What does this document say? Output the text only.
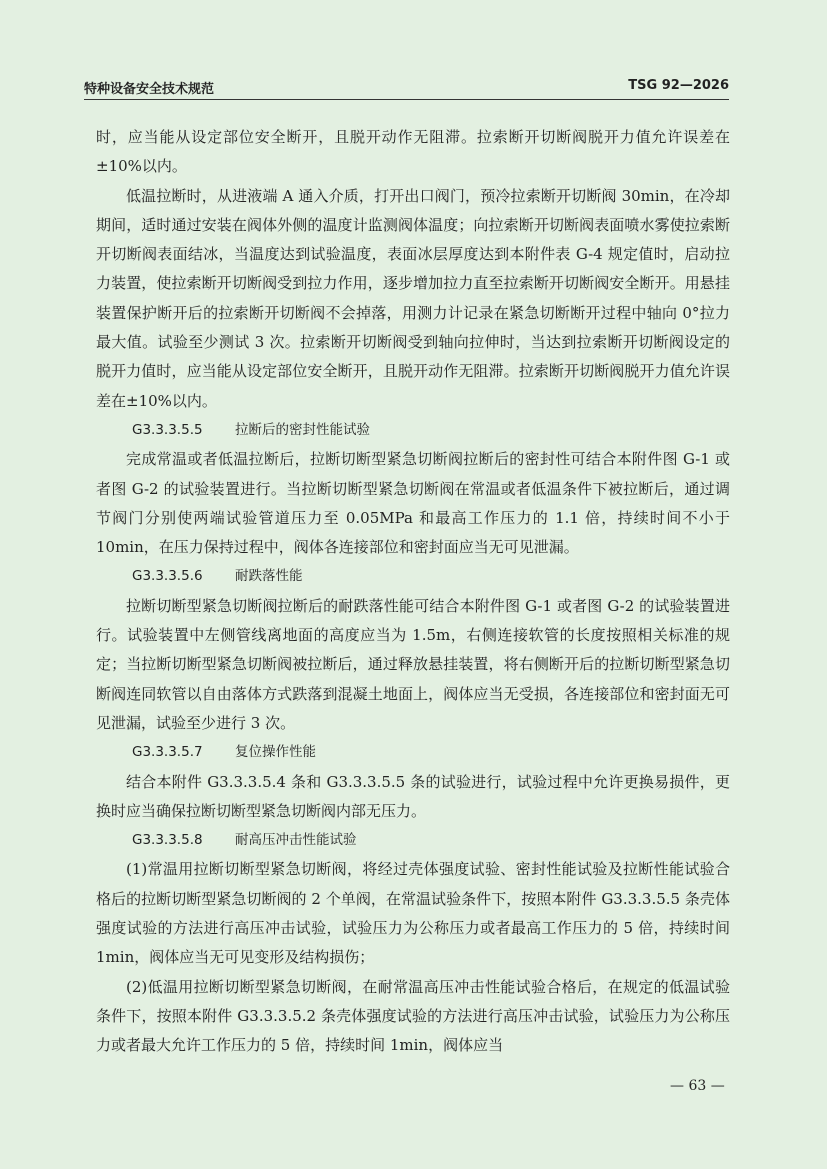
特种设备安全技术规范	TSG 92—2026

时，应当能从设定部位安全断开，且脱开动作无阻滞。拉索断开切断阀脱开力值允许误差在±10%以内。

低温拉断时，从进液端 A 通入介质，打开出口阀门，预冷拉索断开切断阀 30min，在冷却期间，适时通过安装在阀体外侧的温度计监测阀体温度；向拉索断开切断阀表面喷水雾使拉索断开切断阀表面结冰，当温度达到试验温度，表面冰层厚度达到本附件表 G-4 规定值时，启动拉力装置，使拉索断开切断阀受到拉力作用，逐步增加拉力直至拉索断开切断阀安全断开。用悬挂装置保护断开后的拉索断开切断阀不会掉落，用测力计记录在紧急切断断开过程中轴向 0°拉力最大值。试验至少测试 3 次。拉索断开切断阀受到轴向拉伸时，当达到拉索断开切断阀设定的脱开力值时，应当能从设定部位安全断开，且脱开动作无阻滞。拉索断开切断阀脱开力值允许误差在±10%以内。

G3.3.3.5.5 拉断后的密封性能试验

完成常温或者低温拉断后，拉断切断型紧急切断阀拉断后的密封性可结合本附件图 G-1 或者图 G-2 的试验装置进行。当拉断切断型紧急切断阀在常温或者低温条件下被拉断后，通过调节阀门分别使两端试验管道压力至 0.05MPa 和最高工作压力的 1.1 倍，持续时间不小于 10min，在压力保持过程中，阀体各连接部位和密封面应当无可见泄漏。

G3.3.3.5.6 耐跌落性能

拉断切断型紧急切断阀拉断后的耐跌落性能可结合本附件图 G-1 或者图 G-2 的试验装置进行。试验装置中左侧管线离地面的高度应当为 1.5m，右侧连接软管的长度按照相关标准的规定；当拉断切断型紧急切断阀被拉断后，通过释放悬挂装置，将右侧断开后的拉断切断型紧急切断阀连同软管以自由落体方式跌落到混凝土地面上，阀体应当无受损，各连接部位和密封面无可见泄漏，试验至少进行 3 次。

G3.3.3.5.7 复位操作性能

结合本附件 G3.3.3.5.4 条和 G3.3.3.5.5 条的试验进行，试验过程中允许更换易损件，更换时应当确保拉断切断型紧急切断阀内部无压力。

G3.3.3.5.8 耐高压冲击性能试验

(1)常温用拉断切断型紧急切断阀，将经过壳体强度试验、密封性能试验及拉断性能试验合格后的拉断切断型紧急切断阀的 2 个单阀，在常温试验条件下，按照本附件 G3.3.3.5.5 条壳体强度试验的方法进行高压冲击试验，试验压力为公称压力或者最高工作压力的 5 倍，持续时间 1min，阀体应当无可见变形及结构损伤；

(2)低温用拉断切断型紧急切断阀，在耐常温高压冲击性能试验合格后，在规定的低温试验条件下，按照本附件 G3.3.3.5.2 条壳体强度试验的方法进行高压冲击试验，试验压力为公称压力或者最大允许工作压力的 5 倍，持续时间 1min，阀体应当

— 63 —
